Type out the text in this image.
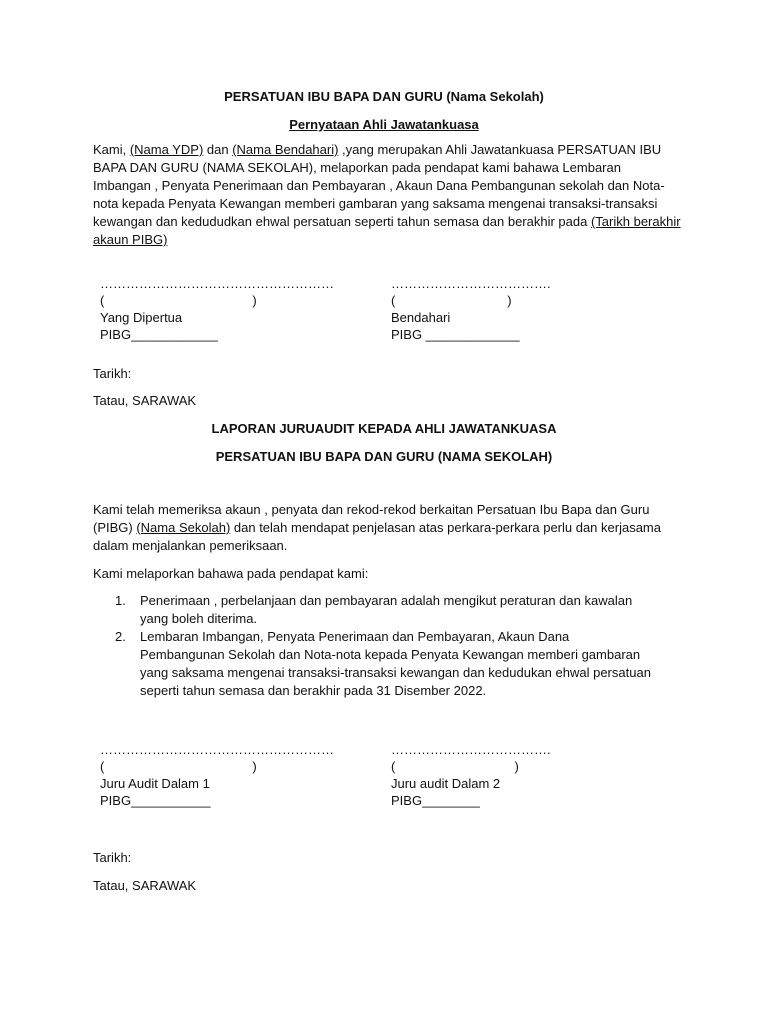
PERSATUAN IBU BAPA DAN GURU (Nama Sekolah)
Pernyataan Ahli Jawatankuasa

Kami, (Nama YDP) dan (Nama Bendahari) ,yang merupakan Ahli Jawatankuasa PERSATUAN IBU BAPA DAN GURU (NAMA SEKOLAH), melaporkan pada pendapat kami bahawa Lembaran Imbangan , Penyata Penerimaan dan Pembayaran , Akaun Dana Pembangunan sekolah dan Nota-nota kepada Penyata Kewangan memberi gambaran yang saksama mengenai transaksi-transaksi kewangan dan kedududkan ehwal persatuan seperti tahun semasa dan berakhir pada (Tarikh berakhir akaun PIBG)

………………………………………………
(                                         )
Yang Dipertua
PIBG____________
……………………………….
(                               )
Bendahari
PIBG _____________
Tarikh:
Tatau, SARAWAK
LAPORAN JURUAUDIT KEPADA AHLI JAWATANKUASA
PERSATUAN IBU BAPA DAN GURU (NAMA SEKOLAH)

Kami telah memeriksa akaun , penyata dan rekod-rekod berkaitan Persatuan Ibu Bapa dan Guru (PIBG) (Nama Sekolah) dan telah mendapat penjelasan atas perkara-perkara perlu dan kerjasama dalam menjalankan pemeriksaan.

Kami melaporkan bahawa pada pendapat kami:
1. Penerimaan , perbelanjaan dan pembayaran adalah mengikut peraturan dan kawalan yang boleh diterima.
2. Lembaran Imbangan, Penyata Penerimaan dan Pembayaran, Akaun Dana Pembangunan Sekolah dan Nota-nota kepada Penyata Kewangan memberi gambaran yang saksama mengenai transaksi-transaksi kewangan dan kedudukan ehwal persatuan seperti tahun semasa dan berakhir pada 31 Disember 2022.
………………………………………………
(                                         )
Juru Audit Dalam 1
PIBG___________
……………………………….
(                                 )
Juru audit Dalam 2
PIBG________
Tarikh:
Tatau, SARAWAK
